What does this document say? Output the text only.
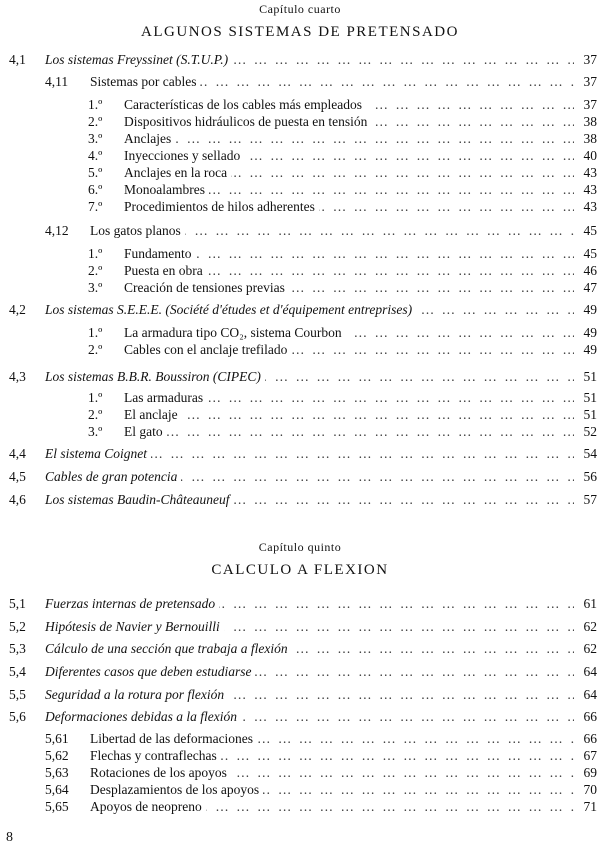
Capítulo cuarto
ALGUNOS SISTEMAS DE PRETENSADO
… … … … … … … … … … … … … … … … … … … … … … … … … … … … … … …
4,1 Los sistemas Freyssinet (S.T.U.P.)	37
… … … … … … … … … … … … … … … … … … … … … … … … … … … … … … …
4,11 Sistemas por cables	37
… … … … … … … … … … … … … … … … … … … … … … … … … … … … … … …
1.º Características de los cables más empleados	37
… … … … … … … … … … … … … … … … … … … … … … … … … … … … … … …
2.º Dispositivos hidráulicos de puesta en tensión	38
… … … … … … … … … … … … … … … … … … … … … … … … … … … … … … …
3.º Anclajes	38
… … … … … … … … … … … … … … … … … … … … … … … … … … … … … … …
4.º Inyecciones y sellado	40
… … … … … … … … … … … … … … … … … … … … … … … … … … … … … … …
5.º Anclajes en la roca	43
… … … … … … … … … … … … … … … … … … … … … … … … … … … … … … …
6.º Monoalambres	43
… … … … … … … … … … … … … … … … … … … … … … … … … … … … … … …
7.º Procedimientos de hilos adherentes	43
… … … … … … … … … … … … … … … … … … … … … … … … … … … … … … …
4,12 Los gatos planos	45
… … … … … … … … … … … … … … … … … … … … … … … … … … … … … … …
1.º Fundamento	45
… … … … … … … … … … … … … … … … … … … … … … … … … … … … … … …
2.º Puesta en obra	46
… … … … … … … … … … … … … … … … … … … … … … … … … … … … … … …
3.º Creación de tensiones previas	47
… … … … … … … … … … … … … … … … … … … … … … … … … … … … … … …
4,2 Los sistemas S.E.E.E. (Société d'études et d'équipement entreprises)	49
… … … … … … … … … … … … … … … … … … … … … … … … … … … … … … …
1.º La armadura tipo CO₂, sistema Courbon	49
… … … … … … … … … … … … … … … … … … … … … … … … … … … … … … …
2.º Cables con el anclaje trefilado	49
… … … … … … … … … … … … … … … … … … … … … … … … … … … … … … …
4,3 Los sistemas B.B.R. Boussiron (CIPEC)	51
… … … … … … … … … … … … … … … … … … … … … … … … … … … … … … …
1.º Las armaduras	51
… … … … … … … … … … … … … … … … … … … … … … … … … … … … … … …
2.º El anclaje	51
… … … … … … … … … … … … … … … … … … … … … … … … … … … … … … …
3.º El gato	52
… … … … … … … … … … … … … … … … … … … … … … … … … … … … … … …
4,4 El sistema Coignet	54
… … … … … … … … … … … … … … … … … … … … … … … … … … … … … … …
4,5 Cables de gran potencia	56
… … … … … … … … … … … … … … … … … … … … … … … … … … … … … … …
4,6 Los sistemas Baudin-Châteauneuf	57
Capítulo quinto
CALCULO A FLEXION
… … … … … … … … … … … … … … … … … … … … … … … … … … … … … … …
5,1 Fuerzas internas de pretensado	61
… … … … … … … … … … … … … … … … … … … … … … … … … … … … … … …
5,2 Hipótesis de Navier y Bernouilli	62
… … … … … … … … … … … … … … … … … … … … … … … … … … … … … … …
5,3 Cálculo de una sección que trabaja a flexión	62
… … … … … … … … … … … … … … … … … … … … … … … … … … … … … … …
5,4 Diferentes casos que deben estudiarse	64
… … … … … … … … … … … … … … … … … … … … … … … … … … … … … … …
5,5 Seguridad a la rotura por flexión	64
… … … … … … … … … … … … … … … … … … … … … … … … … … … … … … …
5,6 Deformaciones debidas a la flexión	66
… … … … … … … … … … … … … … … … … … … … … … … … … … … … … … …
5,61 Libertad de las deformaciones	66
… … … … … … … … … … … … … … … … … … … … … … … … … … … … … … …
5,62 Flechas y contraflechas	67
… … … … … … … … … … … … … … … … … … … … … … … … … … … … … … …
5,63 Rotaciones de los apoyos	69
… … … … … … … … … … … … … … … … … … … … … … … … … … … … … … …
5,64 Desplazamientos de los apoyos	70
… … … … … … … … … … … … … … … … … … … … … … … … … … … … … … …
5,65 Apoyos de neopreno	71
8
